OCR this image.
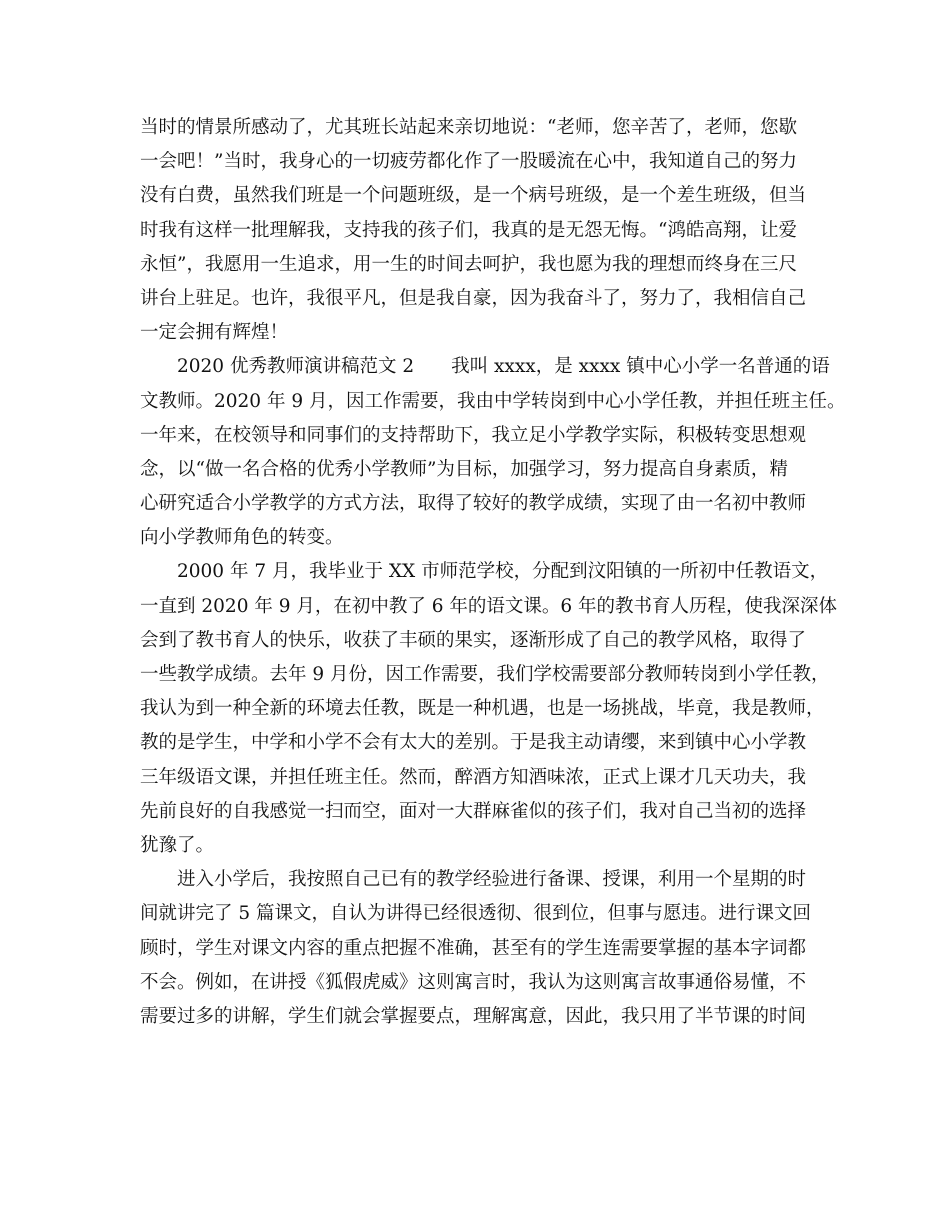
当时的情景所感动了，尤其班长站起来亲切地说：“老师，您辛苦了，老师，您歇
一会吧！”当时，我身心的一切疲劳都化作了一股暖流在心中，我知道自己的努力
没有白费，虽然我们班是一个问题班级，是一个病号班级，是一个差生班级，但当
时我有这样一批理解我，支持我的孩子们，我真的是无怨无悔。“鸿皓高翔，让爱
永恒”，我愿用一生追求，用一生的时间去呵护，我也愿为我的理想而终身在三尺
讲台上驻足。也许，我很平凡，但是我自豪，因为我奋斗了，努力了，我相信自己
一定会拥有辉煌！
2020 优秀教师演讲稿范文 2　　我叫 xxxx，是 xxxx 镇中心小学一名普通的语
文教师。2020 年 9 月，因工作需要，我由中学转岗到中心小学任教，并担任班主任。
一年来，在校领导和同事们的支持帮助下，我立足小学教学实际，积极转变思想观
念，以“做一名合格的优秀小学教师”为目标，加强学习，努力提高自身素质，精
心研究适合小学教学的方式方法，取得了较好的教学成绩，实现了由一名初中教师
向小学教师角色的转变。
2000 年 7 月，我毕业于 XX 市师范学校，分配到汶阳镇的一所初中任教语文，
一直到 2020 年 9 月，在初中教了 6 年的语文课。6 年的教书育人历程，使我深深体
会到了教书育人的快乐，收获了丰硕的果实，逐渐形成了自己的教学风格，取得了
一些教学成绩。去年 9 月份，因工作需要，我们学校需要部分教师转岗到小学任教，
我认为到一种全新的环境去任教，既是一种机遇，也是一场挑战，毕竟，我是教师，
教的是学生，中学和小学不会有太大的差别。于是我主动请缨，来到镇中心小学教
三年级语文课，并担任班主任。然而，醉酒方知酒味浓，正式上课才几天功夫，我
先前良好的自我感觉一扫而空，面对一大群麻雀似的孩子们，我对自己当初的选择
犹豫了。
进入小学后，我按照自己已有的教学经验进行备课、授课，利用一个星期的时
间就讲完了 5 篇课文，自认为讲得已经很透彻、很到位，但事与愿违。进行课文回
顾时，学生对课文内容的重点把握不准确，甚至有的学生连需要掌握的基本字词都
不会。例如，在讲授《狐假虎威》这则寓言时，我认为这则寓言故事通俗易懂，不
需要过多的讲解，学生们就会掌握要点，理解寓意，因此，我只用了半节课的时间
